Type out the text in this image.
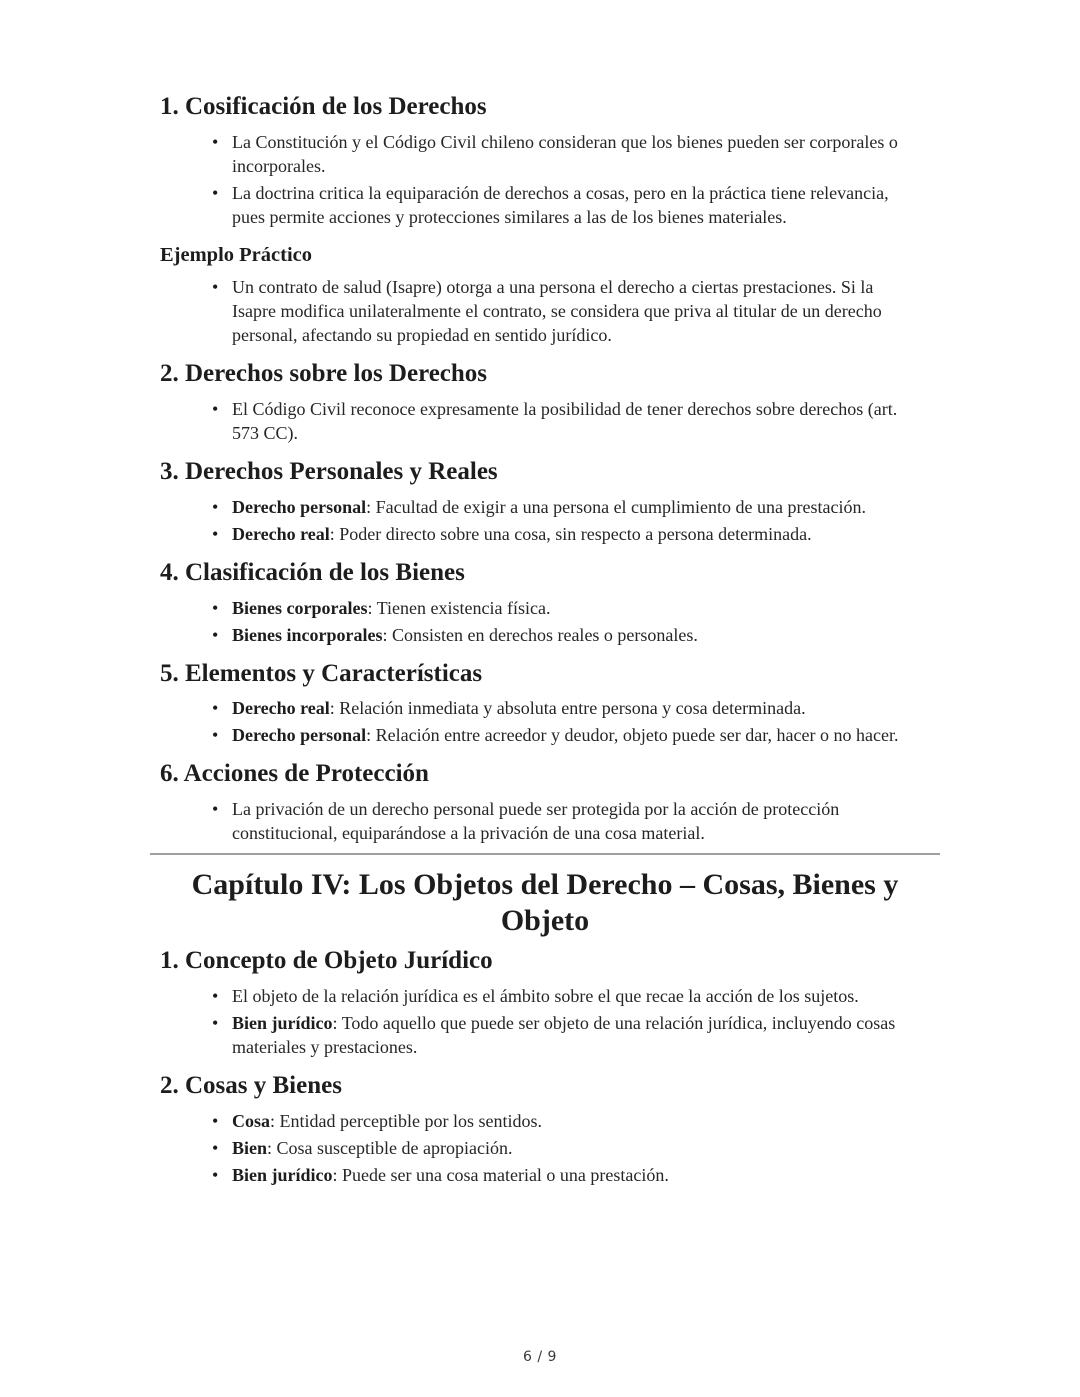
1. Cosificación de los Derechos
• La Constitución y el Código Civil chileno consideran que los bienes pueden ser corporales o incorporales.
• La doctrina critica la equiparación de derechos a cosas, pero en la práctica tiene relevancia, pues permite acciones y protecciones similares a las de los bienes materiales.
Ejemplo Práctico
• Un contrato de salud (Isapre) otorga a una persona el derecho a ciertas prestaciones. Si la Isapre modifica unilateralmente el contrato, se considera que priva al titular de un derecho personal, afectando su propiedad en sentido jurídico.
2. Derechos sobre los Derechos
• El Código Civil reconoce expresamente la posibilidad de tener derechos sobre derechos (art. 573 CC).
3. Derechos Personales y Reales
• Derecho personal: Facultad de exigir a una persona el cumplimiento de una prestación.
• Derecho real: Poder directo sobre una cosa, sin respecto a persona determinada.
4. Clasificación de los Bienes
• Bienes corporales: Tienen existencia física.
• Bienes incorporales: Consisten en derechos reales o personales.
5. Elementos y Características
• Derecho real: Relación inmediata y absoluta entre persona y cosa determinada.
• Derecho personal: Relación entre acreedor y deudor, objeto puede ser dar, hacer o no hacer.
6. Acciones de Protección
• La privación de un derecho personal puede ser protegida por la acción de protección constitucional, equiparándose a la privación de una cosa material.
Capítulo IV: Los Objetos del Derecho – Cosas, Bienes y Objeto
1. Concepto de Objeto Jurídico
• El objeto de la relación jurídica es el ámbito sobre el que recae la acción de los sujetos.
• Bien jurídico: Todo aquello que puede ser objeto de una relación jurídica, incluyendo cosas materiales y prestaciones.
2. Cosas y Bienes
• Cosa: Entidad perceptible por los sentidos.
• Bien: Cosa susceptible de apropiación.
• Bien jurídico: Puede ser una cosa material o una prestación.
6 / 9
